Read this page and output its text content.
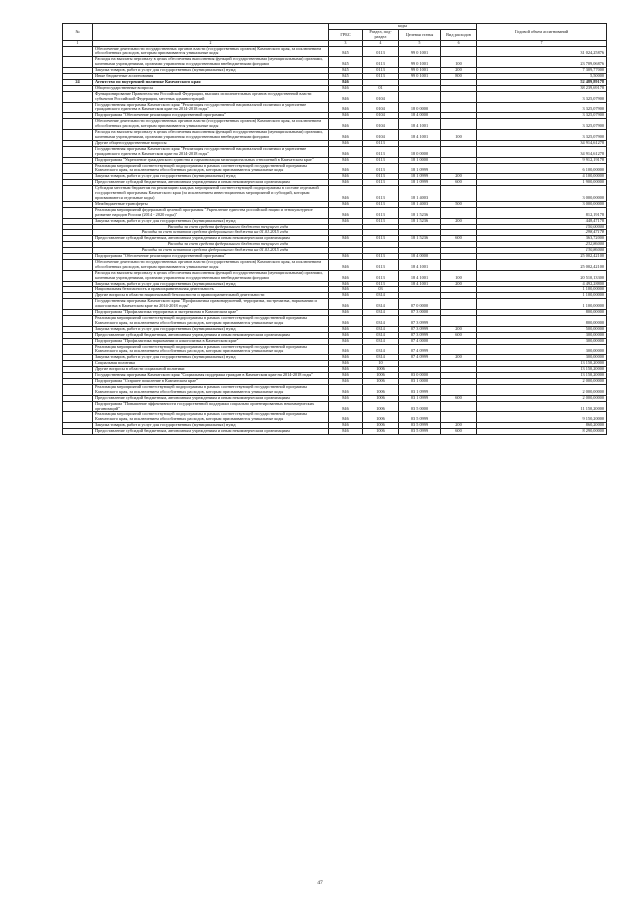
№		коды				Годовой объем ассигнований
		ГРБС	Раздел, под-раздел	Целевая статья	Вид расходов	
1	2	3	4	5	6	7
	Обеспечение деятельности государственных органов власти (государственных органов) Камчатского края, за исключением обособленных расходов, которым присваиваются уникальные коды	845	0113	99 0 1001		31 024,25876
	Расходы на выплаты персоналу в целях обеспечения выполнения функций государственными (муниципальными) органами, казенными учреждениями, органами управления государственными внебюджетными фондами	845	0113	99 0 1001	100	23 709,06876
	Закупка товаров, работ и услуг для государственных (муниципальных) нужд	845	0113	99 0 1001	200	7 309,77000
	Иные бюджетные ассигнования	845	0113	99 0 1001	800	5,50000
24	Агентство по внутренней политике Камчатского края	846				52 489,89178
	Общегосударственные вопросы	846	01			38 239,69178
	Функционирование Правительства Российской Федерации, высших исполнительных органов государственной власти субъектов Российской Федерации, местных администраций	846	0104			3 325,07900
	Государственная программа Камчатского края "Реализация государственной национальной политики и укрепление гражданского единства в Камчатском крае на 2014-2018 годы"	846	0104	18 0 0000		3 325,07900
	Подпрограмма "Обеспечение реализации государственной программы"	846	0104	18 4 0000		3 325,07900
	Обеспечение деятельности государственных органов власти (государственных органов) Камчатского края, за исключением обособленных расходов, которым присваиваются уникальные коды	846	0104	18 4 1001		3 325,07900
	Расходы на выплаты персоналу в целях обеспечения выполнения функций государственными (муниципальными) органами, казенными учреждениями, органами управления государственными внебюджетными фондами	846	0104	18 4 1001	100	3 325,07900
	Другие общегосударственные вопросы	846	0113			34 914,61278
	Государственная программа Камчатского края "Реализация государственной национальной политики и укрепление гражданского единства в Камчатском крае на 2014-2018 годы"	846	0113	18 0 0000		34 914,61278
	Подпрограмма "Укрепление гражданского единства и гармонизация межнациональных отношений в Камчатском крае"	846	0113	18 1 0000		9 912,19178
	Реализация мероприятий соответствующей подпрограммы в рамках соответствующей государственной программы Камчатского края, за исключением обособленных расходов, которым присваиваются уникальные коды	846	0113	18 1 0999		6 100,00000
	Закупка товаров, работ и услуг для государственных (муниципальных) нужд	846	0113	18 1 0999	200	4 100,00000
	Предоставление субсидий бюджетным, автономным учреждениям и иным некоммерческим организациям	846	0113	18 1 0999	600	1 900,00000
	Субсидии местным бюджетам на реализацию каждых мероприятий соответствующей подпрограммы в составе отдельной государственной программы Камчатского края (за исключением инвестиционных мероприятий и субсидий, которым присваиваются отдельные коды)	846	0113	18 1 4003		3 000,00000
	Межбюджетные трансферты	846	0113	18 1 4003	500	3 000,00000
	Реализация мероприятий федеральной целевой программы "Укрепление единства российской нации и этнокультурное развитие народов России (2014 - 2020 годы)"	846	0113	18 1 5236		812,19178
	Закупка товаров, работ и услуг для государственных (муниципальных) нужд	846	0113	18 1 5236	200	448,47178
	Расходы за счет средств федерального бюджета текущего года					150,00000
	Расходы за счет остатков средств федерального бюджета на 01.01.2015 года					298,47178
	Предоставление субсидий бюджетным, автономным учреждениям и иным некоммерческим организациям	846	0113	18 1 5236	600	363,72000
	Расходы за счет средств федерального бюджета текущего года					232,86000
	Расходы за счет остатков средств федерального бюджета на 01.01.2015 года					130,86000
	Подпрограмма "Обеспечение реализации государственной программы"	846	0113	18 4 0000		25 002,42100
	Обеспечение деятельности государственных органов власти (государственных органов) Камчатского края, за исключением обособленных расходов, которым присваиваются уникальные коды	846	0113	18 4 1001		25 002,42100
	Расходы на выплаты персоналу в целях обеспечения выполнения функций государственными (муниципальными) органами, казенными учреждениями, органами управления государственными внебюджетными фондами	846	0113	18 4 1001	100	20 510,13300
	Закупка товаров, работ и услуг для государственных (муниципальных) нужд	846	0113	18 4 1001	200	4 492,28800
	Национальная безопасность и правоохранительная деятельность	846	03			1 100,00000
	Другие вопросы в области национальной безопасности и правоохранительной деятельности	846	0314			1 100,00000
	Государственная программа Камчатского края "Профилактика правонарушений, терроризма, экстремизма, наркомании и алкоголизма в Камчатском крае на 2014-2018 годы"	846	0314	07 0 0000		1 100,00000
	Подпрограмма "Профилактика терроризма и экстремизма в Камчатском крае"	846	0314	07 3 0000		800,00000
	Реализация мероприятий соответствующей подпрограммы в рамках соответствующей государственной программы Камчатского края, за исключением обособленных расходов, которым присваиваются уникальные коды	846	0314	07 3 0999		800,00000
	Закупка товаров, работ и услуг для государственных (муниципальных) нужд	846	0314	07 3 0999	200	500,00000
	Предоставление субсидий бюджетным, автономным учреждениям и иным некоммерческим организациям	846	0314	07 3 0999	600	300,00000
	Подпрограмма "Профилактика наркомании и алкоголизма в Камчатском крае"	846	0314	07 4 0000		300,00000
	Реализация мероприятий соответствующей подпрограммы в рамках соответствующей государственной программы Камчатского края, за исключением обособленных расходов, которым присваиваются уникальные коды	846	0314	07 4 0999		300,00000
	Закупка товаров, работ и услуг для государственных (муниципальных) нужд	846	0314	07 4 0999	200	300,00000
	Социальная политика	846	10			13 150,20000
	Другие вопросы в области социальной политики	846	1006			13 150,20000
	Государственная программа Камчатского края "Социальная поддержка граждан в Камчатском крае на 2014-2018 годы"	846	1006	03 0 0000		13 150,20000
	Подпрограмма "Старшее поколение в Камчатском крае"	846	1006	03 1 0000		2 000,00000
	Реализация мероприятий соответствующей подпрограммы в рамках соответствующей государственной программы Камчатского края, за исключением обособленных расходов, которым присваиваются уникальные коды	846	1006	03 1 0999		2 000,00000
	Предоставление субсидий бюджетным, автономным учреждениям и иным некоммерческим организациям	846	1006	03 1 0999	600	2 000,00000
	Подпрограмма "Повышение эффективности государственной поддержки социально ориентированных некоммерческих организаций"	846	1006	03 5 0000		11 150,20000
	Реализация мероприятий соответствующей подпрограммы в рамках соответствующей государственной программы Камчатского края, за исключением обособленных расходов, которым присваиваются уникальные коды	846	1006	03 5 0999		9 150,20000
	Закупка товаров, работ и услуг для государственных (муниципальных) нужд	846	1006	03 5 0999	200	860,20000
	Предоставление субсидий бюджетным, автономным учреждениям и иным некоммерческим организациям	846	1006	03 5 0999	600	8 290,00000
47
